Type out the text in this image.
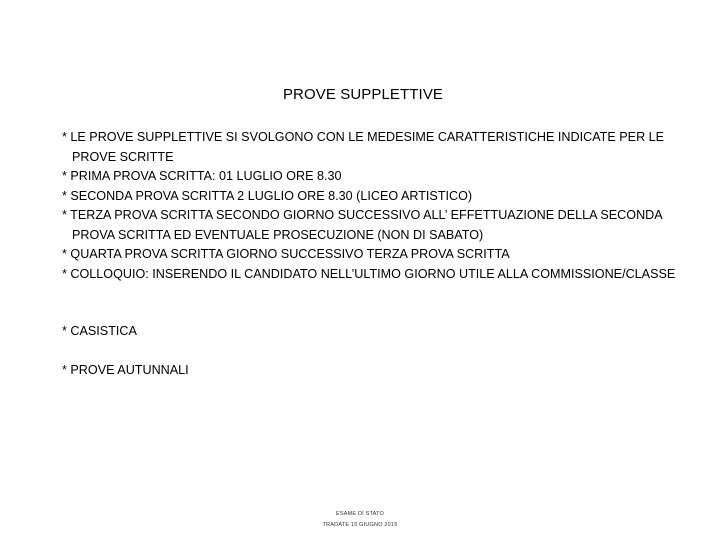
PROVE SUPPLETTIVE
* LE PROVE SUPPLETTIVE SI SVOLGONO CON LE MEDESIME CARATTERISTICHE INDICATE PER LE PROVE SCRITTE
* PRIMA PROVA SCRITTA: 01 LUGLIO ORE 8.30
* SECONDA PROVA SCRITTA 2 LUGLIO ORE 8.30 (LICEO ARTISTICO)
* TERZA PROVA SCRITTA SECONDO GIORNO SUCCESSIVO ALL’ EFFETTUAZIONE DELLA SECONDA PROVA SCRITTA ED EVENTUALE PROSECUZIONE (NON DI SABATO)
* QUARTA PROVA SCRITTA GIORNO SUCCESSIVO TERZA PROVA SCRITTA
* COLLOQUIO: INSERENDO IL CANDIDATO NELL’ULTIMO GIORNO UTILE ALLA COMMISSIONE/CLASSE
* CASISTICA
* PROVE AUTUNNALI
ESAME DI STATO
TRADATE 15 GIUGNO 2015
